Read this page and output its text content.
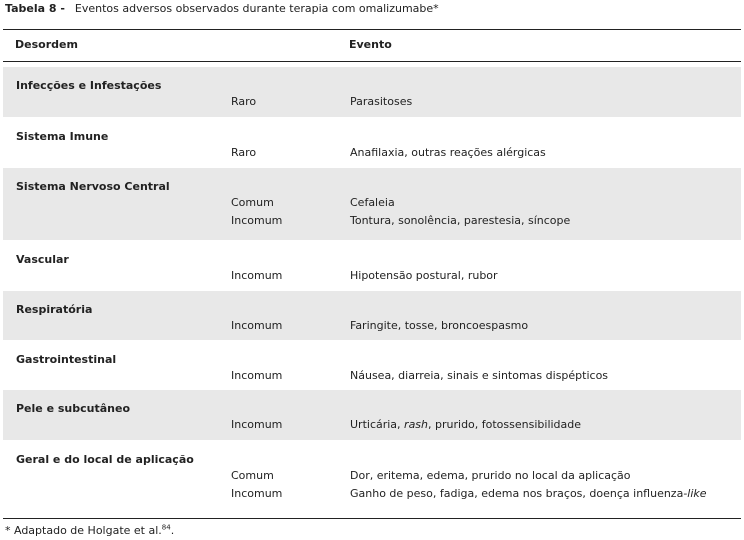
Tabela 8 - Eventos adversos observados durante terapia com omalizumabe*
Desordem	Evento
Infecções e Infestações
Raro	Parasitoses
Sistema Imune
Raro	Anafilaxia, outras reações alérgicas
Sistema Nervoso Central
Comum	Cefaleia
Incomum	Tontura, sonolência, parestesia, síncope
Vascular
Incomum	Hipotensão postural, rubor
Respiratória
Incomum	Faringite, tosse, broncoespasmo
Gastrointestinal
Incomum	Náusea, diarreia, sinais e sintomas dispépticos
Pele e subcutâneo
Incomum	Urticária, rash, prurido, fotossensibilidade
Geral e do local de aplicação
Comum	Dor, eritema, edema, prurido no local da aplicação
Incomum	Ganho de peso, fadiga, edema nos braços, doença influenza-like
* Adaptado de Holgate et al.$^{84}$.
